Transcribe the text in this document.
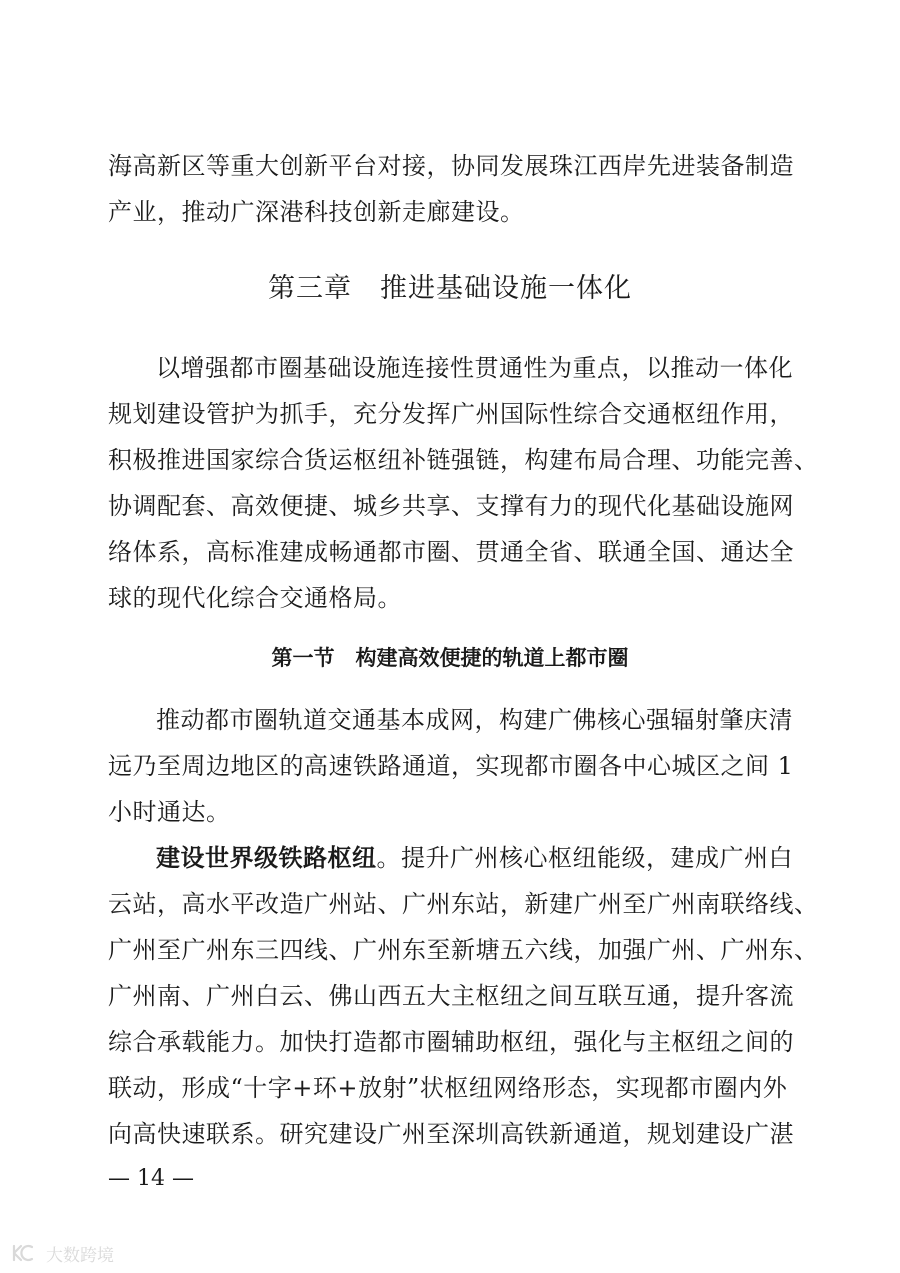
海高新区等重大创新平台对接，协同发展珠江西岸先进装备制造
产业，推动广深港科技创新走廊建设。
第三章　推进基础设施一体化
以增强都市圈基础设施连接性贯通性为重点，以推动一体化
规划建设管护为抓手，充分发挥广州国际性综合交通枢纽作用，
积极推进国家综合货运枢纽补链强链，构建布局合理、功能完善、
协调配套、高效便捷、城乡共享、支撑有力的现代化基础设施网
络体系，高标准建成畅通都市圈、贯通全省、联通全国、通达全
球的现代化综合交通格局。
第一节　构建高效便捷的轨道上都市圈
推动都市圈轨道交通基本成网，构建广佛核心强辐射肇庆清
远乃至周边地区的高速铁路通道，实现都市圈各中心城区之间 1
小时通达。
建设世界级铁路枢纽。提升广州核心枢纽能级，建成广州白
云站，高水平改造广州站、广州东站，新建广州至广州南联络线、
广州至广州东三四线、广州东至新塘五六线，加强广州、广州东、
广州南、广州白云、佛山西五大主枢纽之间互联互通，提升客流
综合承载能力。加快打造都市圈辅助枢纽，强化与主枢纽之间的
联动，形成“十字+环+放射”状枢纽网络形态，实现都市圈内外
向高快速联系。研究建设广州至深圳高铁新通道，规划建设广湛
— 14 —
大数跨境
